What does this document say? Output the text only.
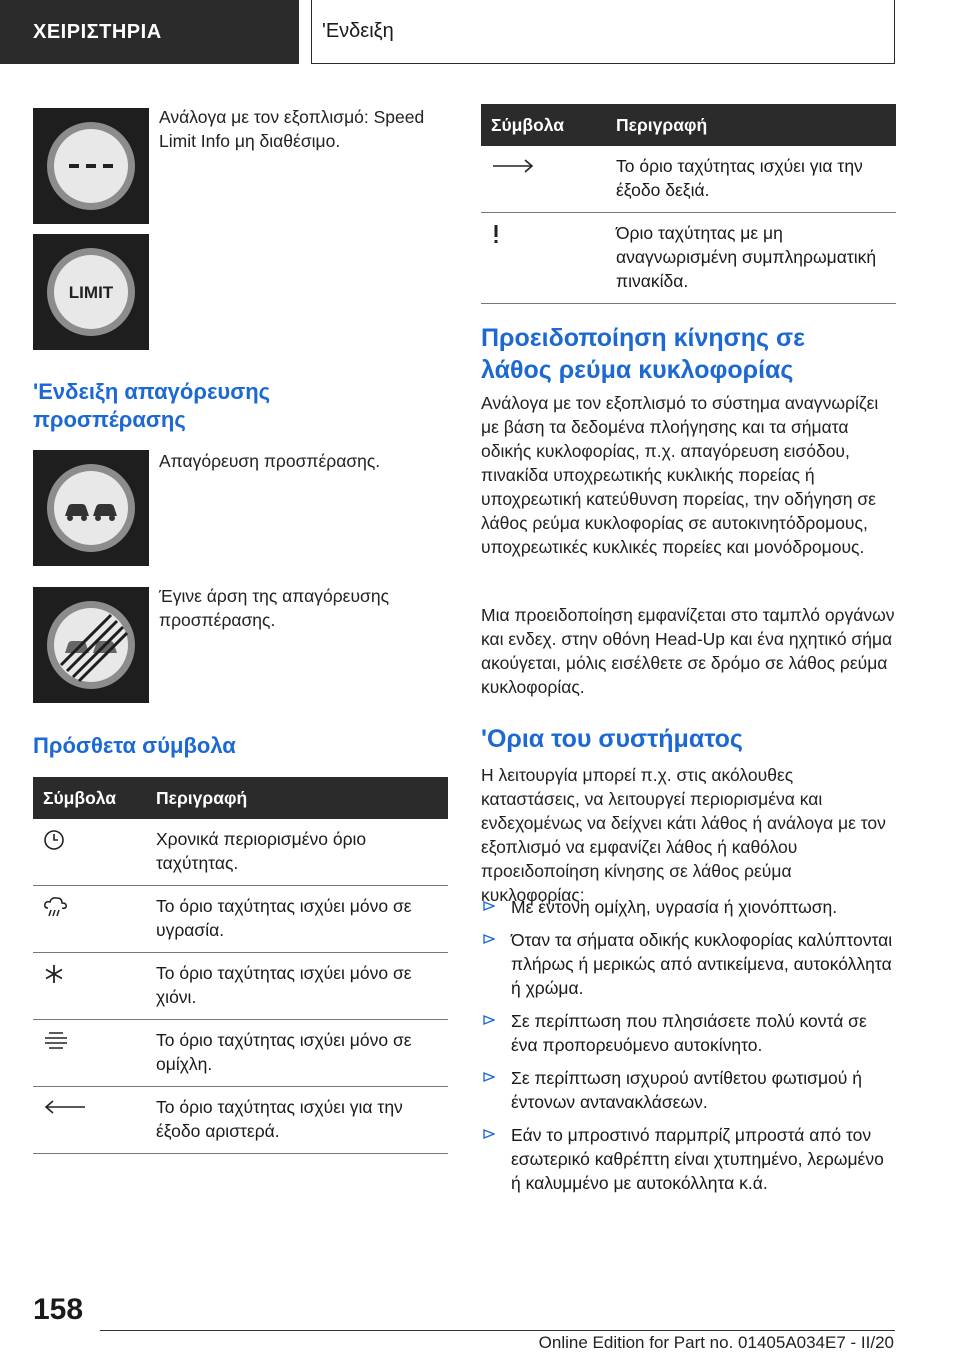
ΧΕΙΡΙΣΤΗΡΙΑ	'Ενδειξη
Ανάλογα με τον εξοπλισμό: Speed Limit Info μη διαθέσιμο.
LIMIT
'Ενδειξη απαγόρευσης προσπέρασης
Απαγόρευση προσπέρασης.
Έγινε άρση της απαγόρευσης προσπέρασης.
Πρόσθετα σύμβολα
Σύμβολα	Περιγραφή
	Χρονικά περιορισμένο όριο ταχύτητας.
	Το όριο ταχύτητας ισχύει μόνο σε υγρασία.
	Το όριο ταχύτητας ισχύει μόνο σε χιόνι.
	Το όριο ταχύτητας ισχύει μόνο σε ομίχλη.
	Το όριο ταχύτητας ισχύει για την έξοδο αριστερά.
Σύμβολα	Περιγραφή
	Το όριο ταχύτητας ισχύει για την έξοδο δεξιά.
	Όριο ταχύτητας με μη αναγνωρισμένη συμπληρωματική πινακίδα.
Προειδοποίηση κίνησης σε λάθος ρεύμα κυκλοφορίας
Ανάλογα με τον εξοπλισμό το σύστημα αναγνωρίζει με βάση τα δεδομένα πλοήγησης και τα σήματα οδικής κυκλοφορίας, π.χ. απαγόρευση εισόδου, πινακίδα υποχρεωτικής κυκλικής πορείας ή υποχρεωτική κατεύθυνση πορείας, την οδήγηση σε λάθος ρεύμα κυκλοφορίας σε αυτοκινητόδρομους, υποχρεωτικές κυκλικές πορείες και μονόδρομους.
Μια προειδοποίηση εμφανίζεται στο ταμπλό οργάνων και ενδεχ. στην οθόνη Head-Up και ένα ηχητικό σήμα ακούγεται, μόλις εισέλθετε σε δρόμο σε λάθος ρεύμα κυκλοφορίας.
'Ορια του συστήματος
Η λειτουργία μπορεί π.χ. στις ακόλουθες καταστάσεις, να λειτουργεί περιορισμένα και ενδεχομένως να δείχνει κάτι λάθος ή ανάλογα με τον εξοπλισμό να εμφανίζει λάθος ή καθόλου προειδοποίηση κίνησης σε λάθος ρεύμα κυκλοφορίας:
Με έντονη ομίχλη, υγρασία ή χιονόπτωση.
Όταν τα σήματα οδικής κυκλοφορίας καλύπτονται πλήρως ή μερικώς από αντικείμενα, αυτοκόλλητα ή χρώμα.
Σε περίπτωση που πλησιάσετε πολύ κοντά σε ένα προπορευόμενο αυτοκίνητο.
Σε περίπτωση ισχυρού αντίθετου φωτισμού ή έντονων αντανακλάσεων.
Εάν το μπροστινό παρμπρίζ μπροστά από τον εσωτερικό καθρέπτη είναι χτυπημένο, λερωμένο ή καλυμμένο με αυτοκόλλητα κ.ά.
158
Online Edition for Part no. 01405A034E7 - II/20
